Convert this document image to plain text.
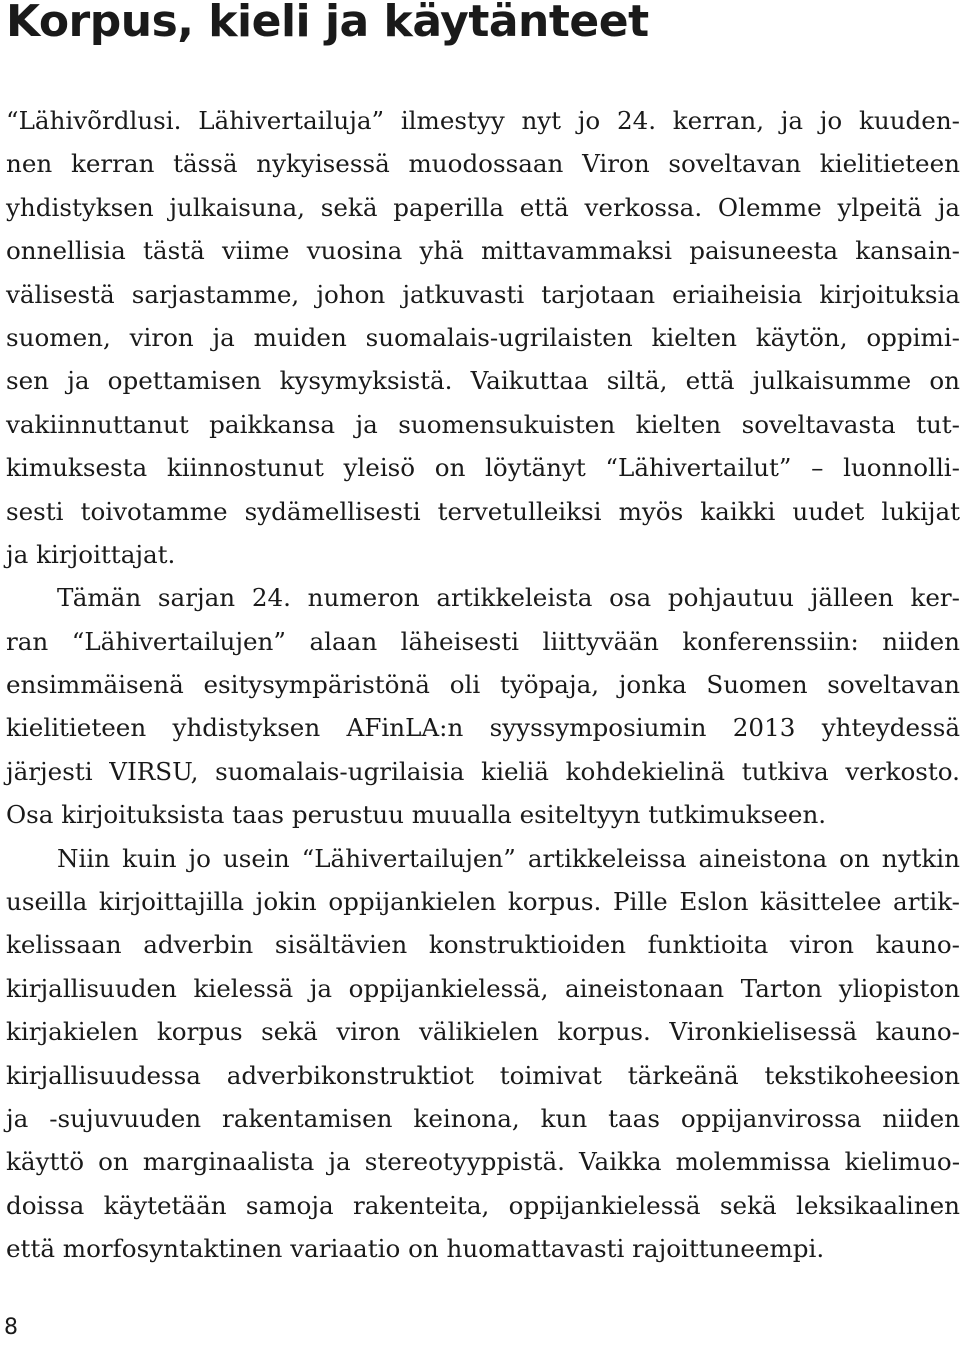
Korpus, kieli ja käytänteet
“Lähivõrdlusi. Lähivertailuja” ilmestyy nyt jo 24. kerran, ja jo kuuden-
nen kerran tässä nykyisessä muodossaan Viron soveltavan kielitieteen
yhdistyksen julkaisuna, sekä paperilla että verkossa. Olemme ylpeitä ja
onnellisia tästä viime vuosina yhä mittavammaksi paisuneesta kansain-
välisestä sarjastamme, johon jatkuvasti tarjotaan eriaiheisia kirjoituksia
suomen, viron ja muiden suomalais-ugrilaisten kielten käytön, oppimi-
sen ja opettamisen kysymyksistä. Vaikuttaa siltä, että julkaisumme on
vakiinnuttanut paikkansa ja suomensukuisten kielten soveltavasta tut-
kimuksesta kiinnostunut yleisö on löytänyt “Lähivertailut” – luonnolli-
sesti toivotamme sydämellisesti tervetulleiksi myös kaikki uudet lukijat
ja kirjoittajat.
Tämän sarjan 24. numeron artikkeleista osa pohjautuu jälleen ker-
ran “Lähivertailujen” alaan läheisesti liittyvään konferenssiin: niiden
ensimmäisenä esitysympäristönä oli työpaja, jonka Suomen soveltavan
kielitieteen yhdistyksen AFinLA:n syyssymposiumin 2013 yhteydessä
järjesti VIRSU, suomalais-ugrilaisia kieliä kohdekielinä tutkiva verkosto.
Osa kirjoituksista taas perustuu muualla esiteltyyn tutkimukseen.
Niin kuin jo usein “Lähivertailujen” artikkeleissa aineistona on nytkin
useilla kirjoittajilla jokin oppijankielen korpus. Pille Eslon käsittelee artik-
kelissaan adverbin sisältävien konstruktioiden funktioita viron kauno-
kirjallisuuden kielessä ja oppijankielessä, aineistonaan Tarton yliopiston
kirjakielen korpus sekä viron välikielen korpus. Vironkielisessä kauno-
kirjallisuudessa adverbikonstruktiot toimivat tärkeänä tekstikoheesion
ja -sujuvuuden rakentamisen keinona, kun taas oppijanvirossa niiden
käyttö on marginaalista ja stereotyyppistä. Vaikka molemmissa kielimuo-
doissa käytetään samoja rakenteita, oppijankielessä sekä leksikaalinen
että morfosyntaktinen variaatio on huomattavasti rajoittuneempi.
8
